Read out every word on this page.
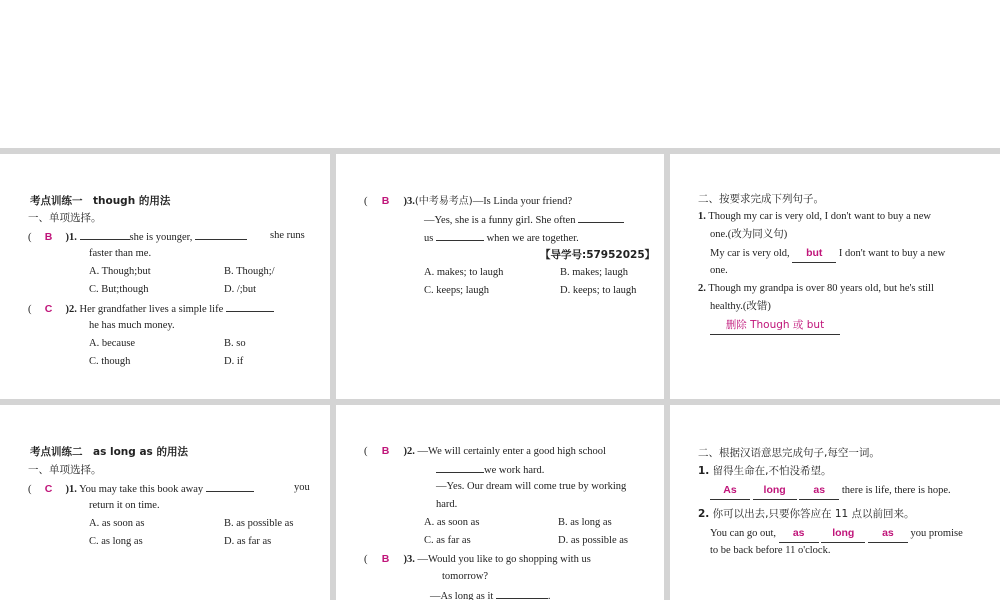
考点训练一　though 的用法
一、单项选择。
( B )1.	she is younger,	she runs
faster than me.
A. Though;but	B. Though;/
C. But;though	D. /;but
( C )2. Her grandfather lives a simple life
he has much money.
A. because	B. so
C. though	D. if
( B )3.(中考易考点)—Is Linda your friend?
—Yes, she is a funny girl. She often
us	when we are together.
【导学号:57952025】
A. makes; to laugh	B. makes; laugh
C. keeps; laugh	D. keeps; to laugh
二、按要求完成下列句子。
1. Though my car is very old, I don't want to buy a new
one.(改为同义句)
My car is very old, but I don't want to buy a new
one.
2. Though my grandpa is over 80 years old, but he's still
healthy.(改错)
删除 Though 或 but
考点训练二　as long as 的用法
一、单项选择。
( C )1. You may take this book away	you
return it on time.
A. as soon as	B. as possible as
C. as long as	D. as far as
( B )2. —We will certainly enter a good high school
we work hard.
—Yes. Our dream will come true by working
hard.
A. as soon as	B. as long as
C. as far as	D. as possible as
( B )3. —Would you like to go shopping with us
tomorrow?
—As long as it	.
二、根据汉语意思完成句子,每空一词。
1. 留得生命在,不怕没希望。
As	long	as there is life, there is hope.
2. 你可以出去,只要你答应在 11 点以前回来。
You can go out, as	long	as you promise
to be back before 11 o'clock.
